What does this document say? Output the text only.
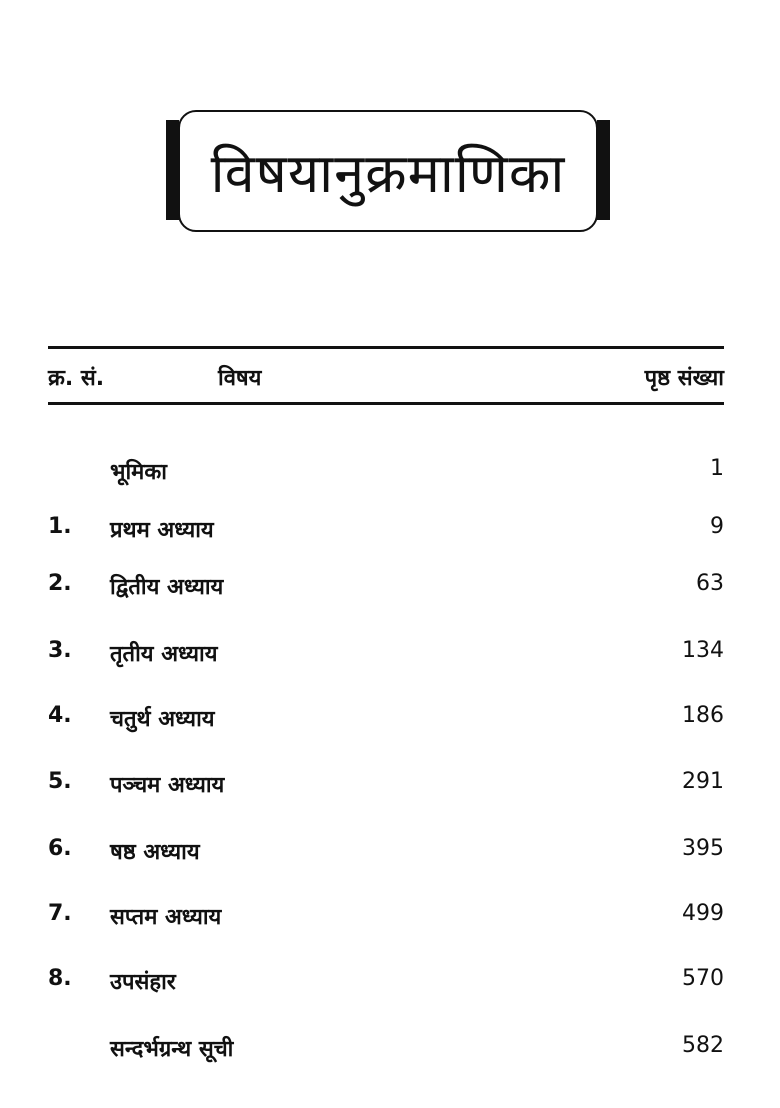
विषयानुक्रमाणिका
क्र. सं.	विषय	पृष्ठ संख्या
भूमिका	1
1. प्रथम अध्याय	9
2. द्वितीय अध्याय	63
3. तृतीय अध्याय	134
4. चतुर्थ अध्याय	186
5. पञ्चम अध्याय	291
6. षष्ठ अध्याय	395
7. सप्तम अध्याय	499
8. उपसंहार	570
सन्दर्भग्रन्थ सूची	582
